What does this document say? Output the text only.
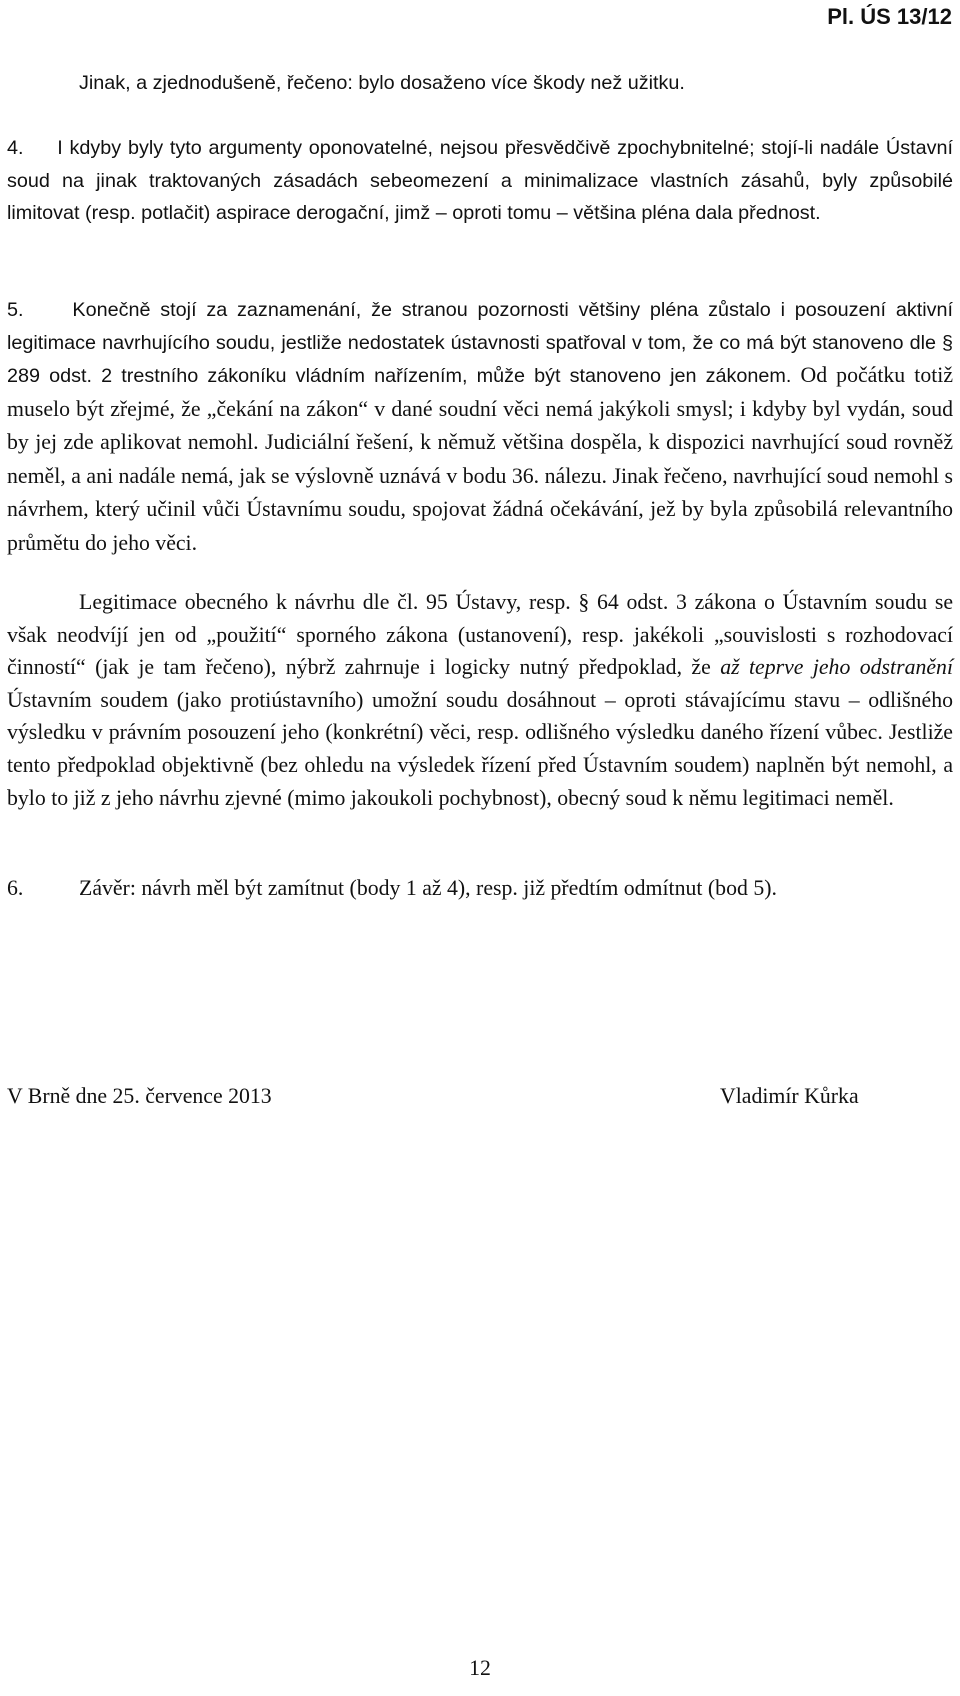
Pl. ÚS 13/12

Jinak, a zjednodušeně, řečeno: bylo dosaženo více škody než užitku.

4.     I kdyby byly tyto argumenty oponovatelné, nejsou přesvědčivě zpochybnitelné; stojí-li nadále Ústavní soud na jinak traktovaných zásadách sebeomezení a minimalizace vlastních zásahů, byly způsobilé limitovat (resp. potlačit) aspirace derogační, jimž – oproti tomu – většina pléna dala přednost.

5.     Konečně stojí za zaznamenání, že stranou pozornosti většiny pléna zůstalo i posouzení aktivní legitimace navrhujícího soudu, jestliže nedostatek ústavnosti spatřoval v tom, že co má být stanoveno dle § 289 odst. 2 trestního zákoníku vládním nařízením, může být stanoveno jen zákonem. Od počátku totiž muselo být zřejmé, že „čekání na zákon“ v dané soudní věci nemá jakýkoli smysl; i kdyby byl vydán, soud by jej zde aplikovat nemohl. Judiciální řešení, k němuž většina dospěla, k dispozici navrhující soud rovněž neměl, a ani nadále nemá, jak se výslovně uznává v bodu 36. nálezu. Jinak řečeno, navrhující soud nemohl s návrhem, který učinil vůči Ústavnímu soudu, spojovat žádná očekávání, jež by byla způsobilá relevantního průmětu do jeho věci.

Legitimace obecného k návrhu dle čl. 95 Ústavy, resp. § 64 odst. 3 zákona o Ústavním soudu se však neodvíjí jen od „použití“ sporného zákona (ustanovení), resp. jakékoli „souvislosti s rozhodovací činností“ (jak je tam řečeno), nýbrž zahrnuje i logicky nutný předpoklad, že až teprve jeho odstranění Ústavním soudem (jako protiústavního) umožní soudu dosáhnout – oproti stávajícímu stavu – odlišného výsledku v právním posouzení jeho (konkrétní) věci, resp. odlišného výsledku daného řízení vůbec. Jestliže tento předpoklad objektivně (bez ohledu na výsledek řízení před Ústavním soudem) naplněn být nemohl, a bylo to již z jeho návrhu zjevné (mimo jakoukoli pochybnost), obecný soud k němu legitimaci neměl.

6.	Závěr: návrh měl být zamítnut (body 1 až 4), resp. již předtím odmítnut (bod 5).

V Brně dne 25. července 2013	Vladimír Kůrka

12
